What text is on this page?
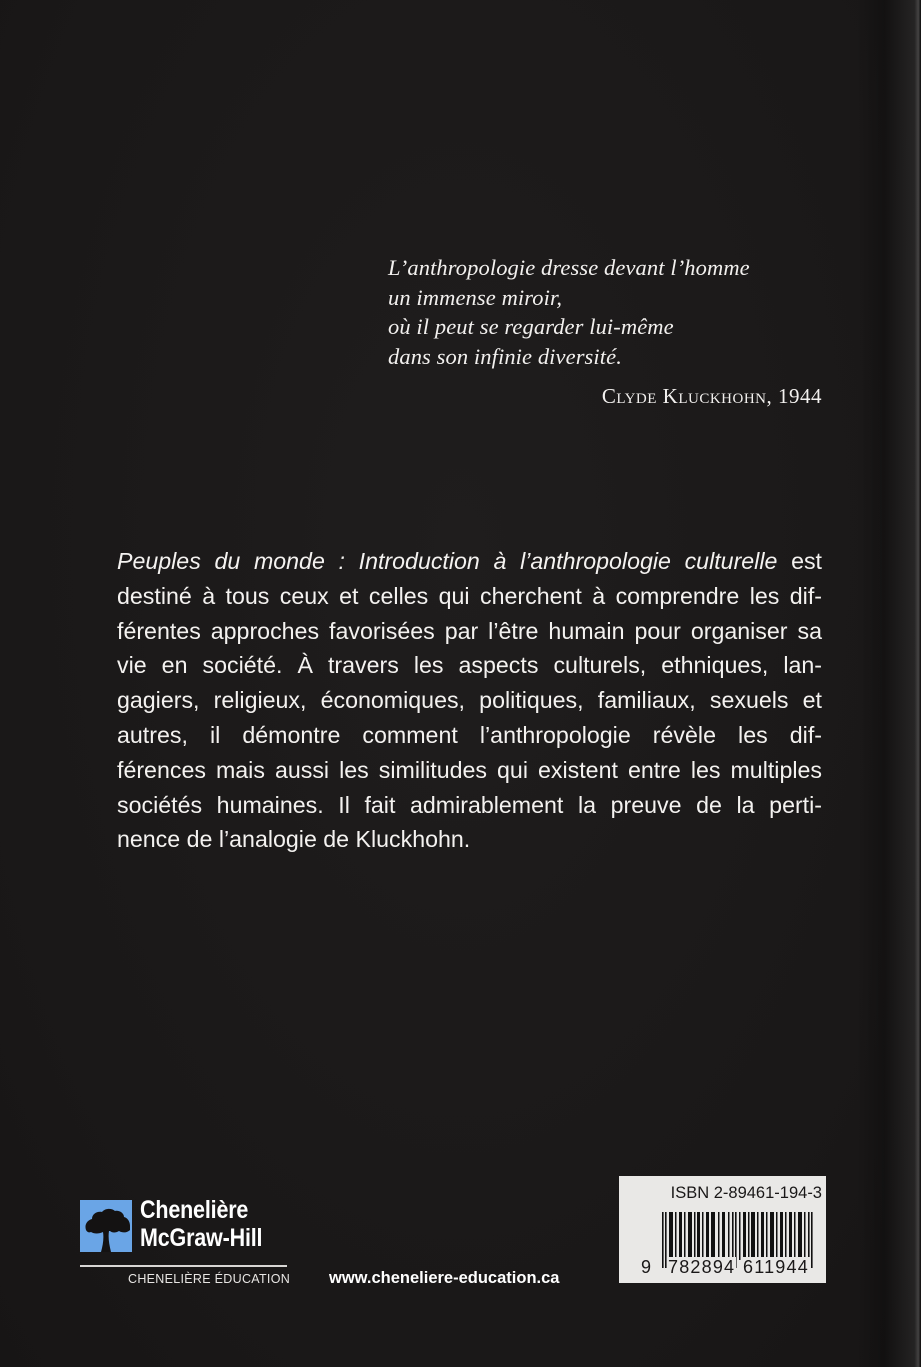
L’anthropologie dresse devant l’homme
un immense miroir,
où il peut se regarder lui-même
dans son infinie diversité.
Clyde Kluckhohn, 1944
Peuples du monde : Introduction à l’anthropologie culturelle est
destiné à tous ceux et celles qui cherchent à comprendre les dif-
férentes approches favorisées par l’être humain pour organiser sa
vie en société. À travers les aspects culturels, ethniques, lan-
gagiers, religieux, économiques, politiques, familiaux, sexuels et
autres, il démontre comment l’anthropologie révèle les dif-
férences mais aussi les similitudes qui existent entre les multiples
sociétés humaines. Il fait admirablement la preuve de la perti-
nence de l’analogie de Kluckhohn.
Chenelière
McGraw-Hill
CHENELIÈRE ÉDUCATION www.cheneliere-education.ca
ISBN 2-89461-194-3
9 782894 611944
